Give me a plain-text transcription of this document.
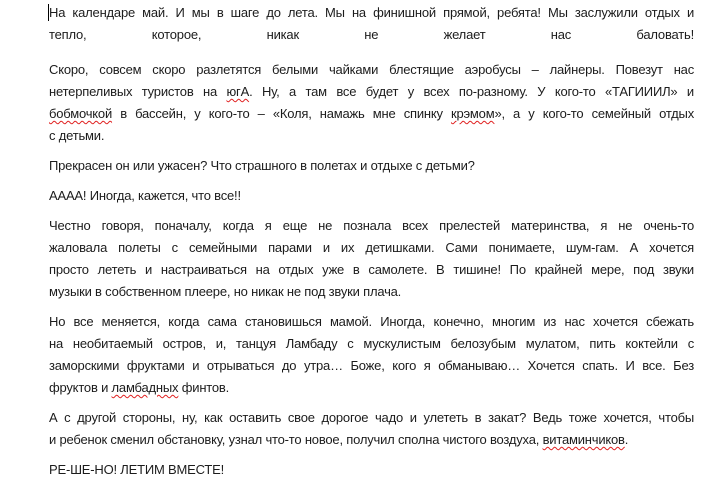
На календаре май. И мы в шаге до лета. Мы на финишной прямой, ребята! Мы заслужили отдых и
тепло, которое, никак не желает нас баловать!
Скоро, совсем скоро разлетятся белыми чайками блестящие аэробусы – лайнеры. Повезут нас
нетерпеливых туристов на югА. Ну, а там все будет у всех по-разному. У кого-то «ТАГИИИЛ» и
бобмочкой в бассейн, у кого-то – «Коля, намажь мне спинку крэмом», а у кого-то семейный отдых
с детьми.
Прекрасен он или ужасен? Что страшного в полетах и отдыхе с детьми?
АААА! Иногда, кажется, что все!!
Честно говоря, поначалу, когда я еще не познала всех прелестей материнства, я не очень-то
жаловала полеты с семейными парами и их детишками. Сами понимаете, шум-гам. А хочется
просто лететь и настраиваться на отдых уже в самолете. В тишине! По крайней мере, под звуки
музыки в собственном плеере, но никак не под звуки плача.
Но все меняется, когда сама становишься мамой. Иногда, конечно, многим из нас хочется сбежать
на необитаемый остров, и, танцуя Ламбаду с мускулистым белозубым мулатом, пить коктейли с
заморскими фруктами и отрываться до утра… Боже, кого я обманываю… Хочется спать. И все. Без
фруктов и ламбадных финтов.
А с другой стороны, ну, как оставить свое дорогое чадо и улететь в закат? Ведь тоже хочется, чтобы
и ребенок сменил обстановку, узнал что-то новое, получил сполна чистого воздуха, витаминчиков.
РЕ-ШЕ-НО! ЛЕТИМ ВМЕСТЕ!
